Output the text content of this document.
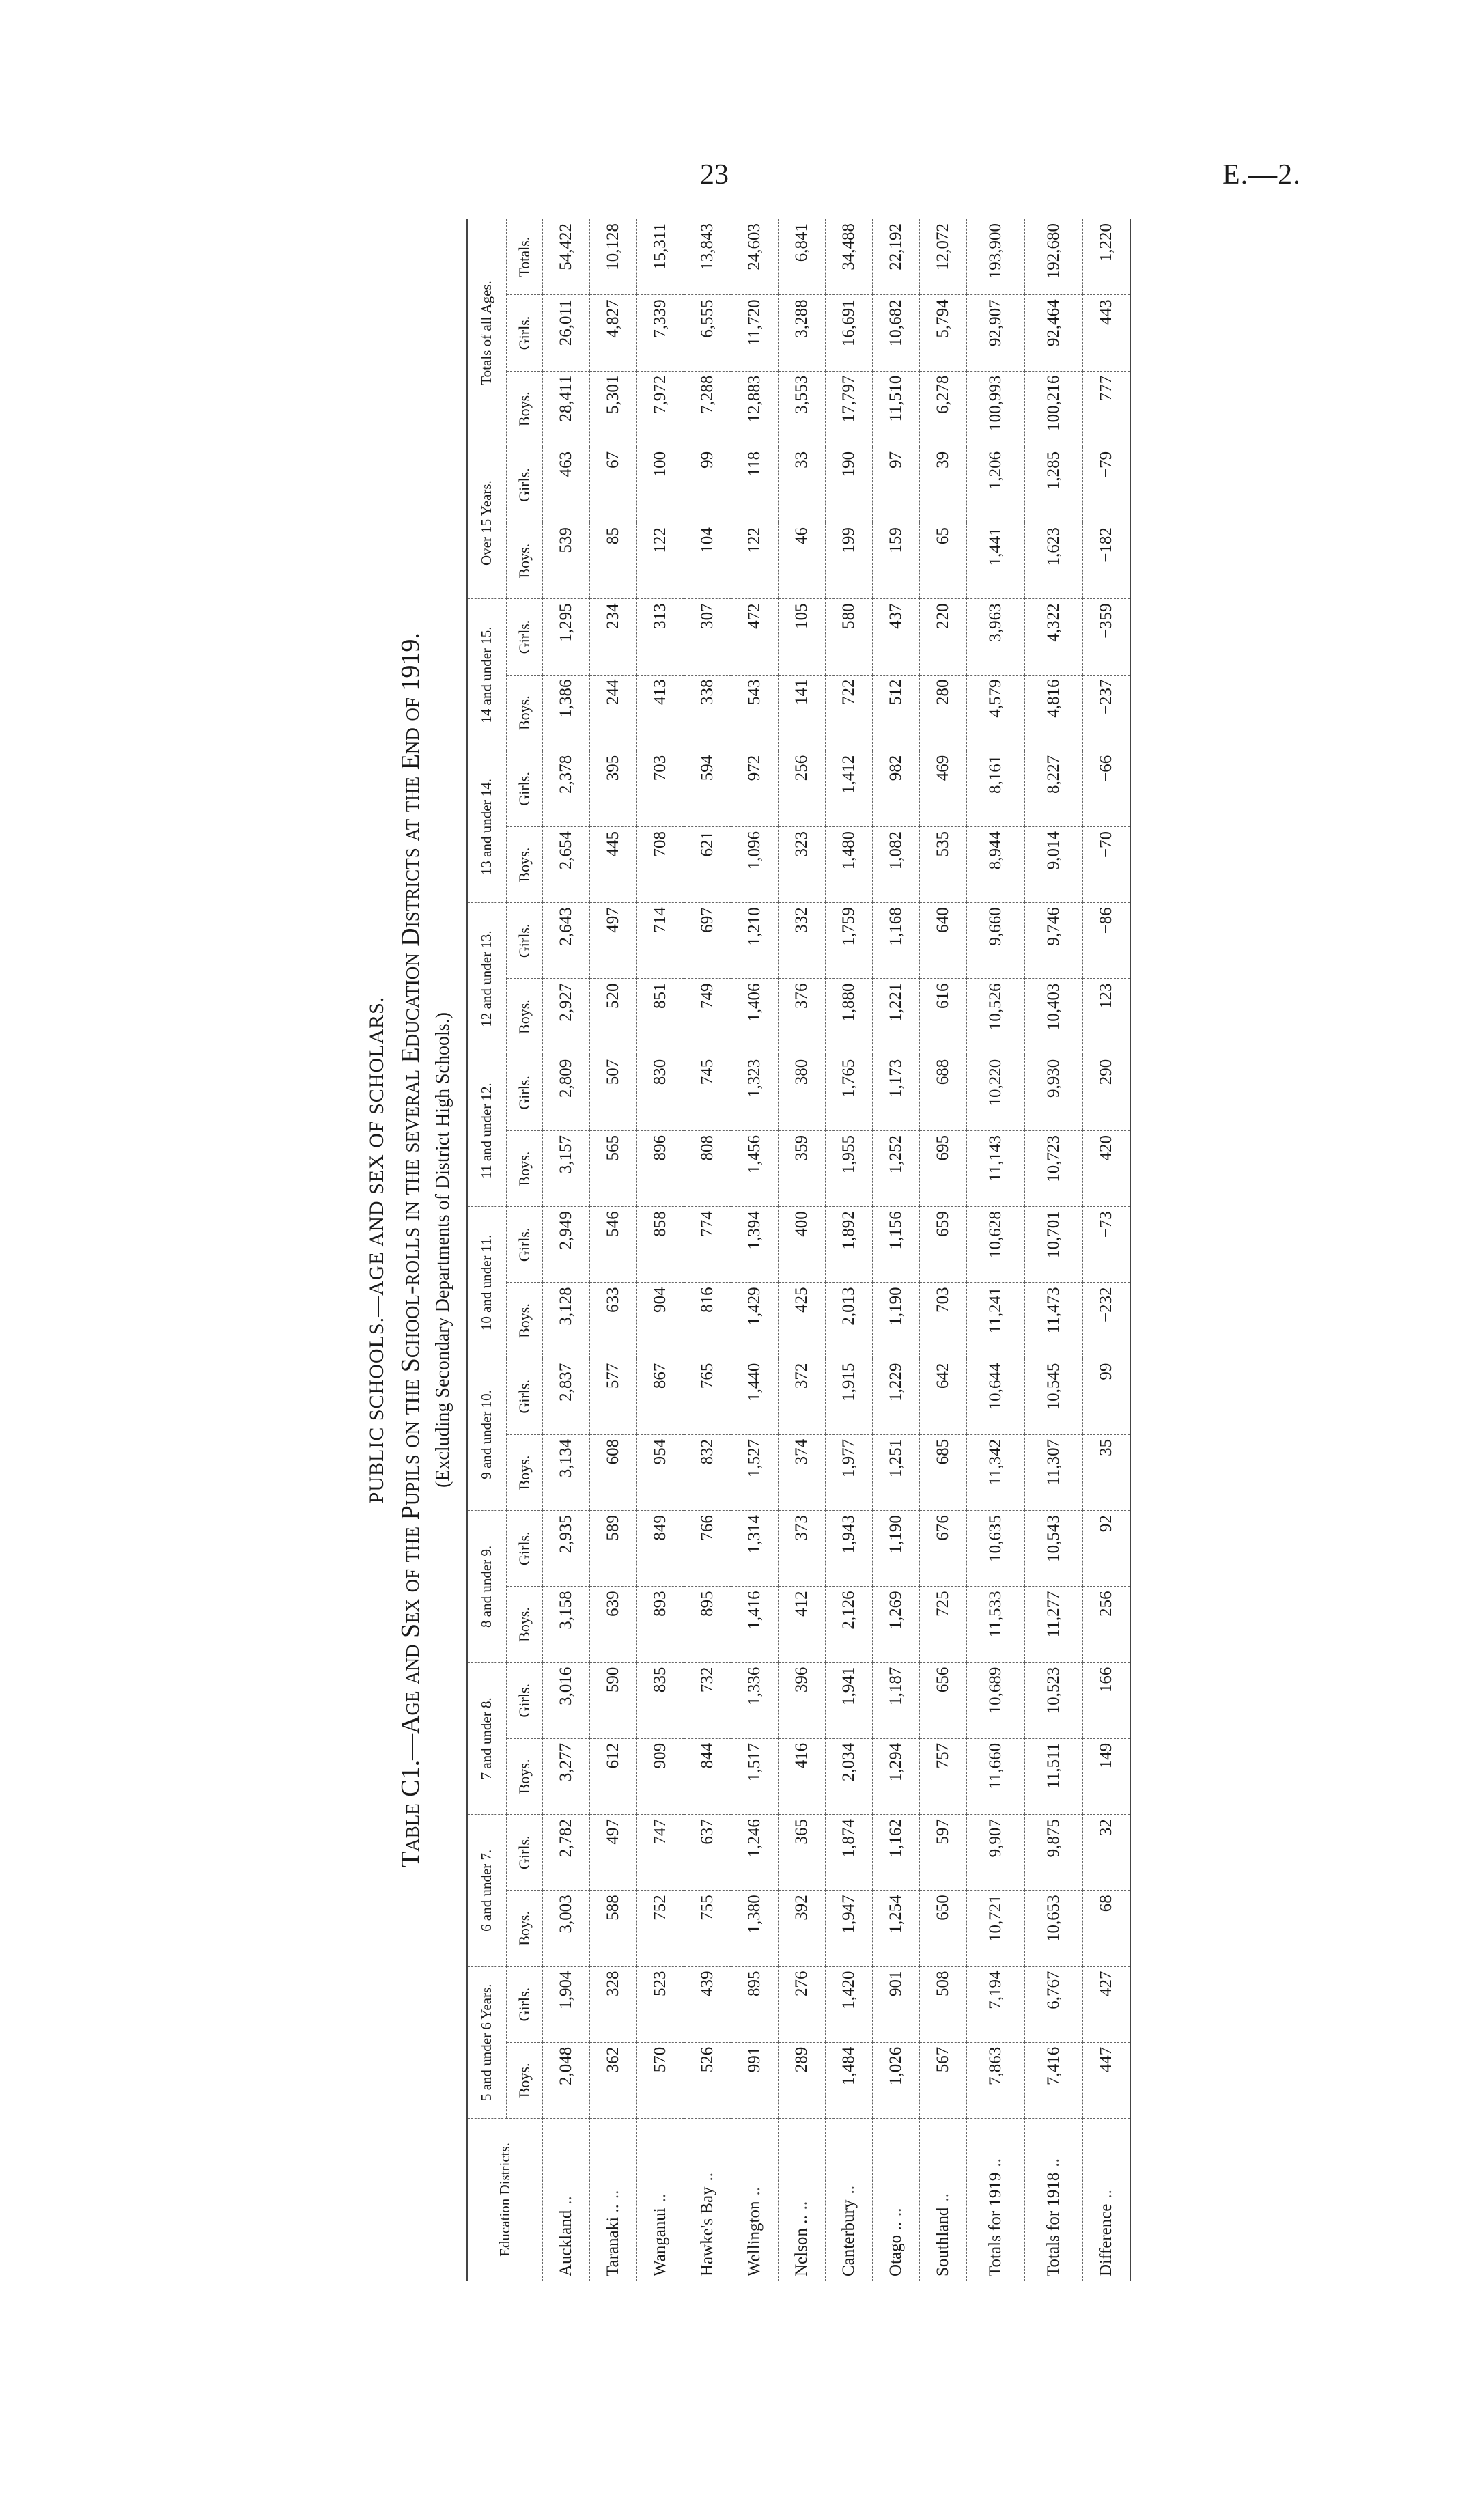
23	E.—2.
PUBLIC SCHOOLS.—AGE AND SEX OF SCHOLARS.
Table C1.—Age and Sex of the Pupils on the School-rolls in the several Education Districts at the End of 1919. (Excluding Secondary Departments of District High Schools.)
Education Districts.	5 and under 6 Years.		6 and under 7.		7 and under 8.		8 and under 9.		9 and under 10.		10 and under 11.		11 and under 12.		12 and under 13.		13 and under 14.		14 and under 15.		Over 15 Years.		Totals of all Ages.		
	Boys.	Girls.	Boys.	Girls.	Boys.	Girls.	Boys.	Girls.	Boys.	Girls.	Boys.	Girls.	Boys.	Girls.	Boys.	Girls.	Boys.	Girls.	Boys.	Girls.	Boys.	Girls.	Boys.	Girls.	Totals.
Auckland..	2,048	1,904	3,003	2,782	3,277	3,016	3,158	2,935	3,134	2,837	3,128	2,949	3,157	2,809	2,927	2,643	2,654	2,378	1,386	1,295	539	463	28,411	26,011	54,422
Taranaki ....	362	328	588	497	612	590	639	589	608	577	633	546	565	507	520	497	445	395	244	234	85	67	5,301	4,827	10,128
Wanganui..	570	523	752	747	909	835	893	849	954	867	904	858	896	830	851	714	708	703	413	313	122	100	7,972	7,339	15,311
Hawke's Bay..	526	439	755	637	844	732	895	766	832	765	816	774	808	745	749	697	621	594	338	307	104	99	7,288	6,555	13,843
Wellington..	991	895	1,380	1,246	1,517	1,336	1,416	1,314	1,527	1,440	1,429	1,394	1,456	1,323	1,406	1,210	1,096	972	543	472	122	118	12,883	11,720	24,603
Nelson ....	289	276	392	365	416	396	412	373	374	372	425	400	359	380	376	332	323	256	141	105	46	33	3,553	3,288	6,841
Canterbury..	1,484	1,420	1,947	1,874	2,034	1,941	2,126	1,943	1,977	1,915	2,013	1,892	1,955	1,765	1,880	1,759	1,480	1,412	722	580	199	190	17,797	16,691	34,488
Otago ....	1,026	901	1,254	1,162	1,294	1,187	1,269	1,190	1,251	1,229	1,190	1,156	1,252	1,173	1,221	1,168	1,082	982	512	437	159	97	11,510	10,682	22,192
Southland..	567	508	650	597	757	656	725	676	685	642	703	659	695	688	616	640	535	469	280	220	65	39	6,278	5,794	12,072
Totals for 1919..	7,863	7,194	10,721	9,907	11,660	10,689	11,533	10,635	11,342	10,644	11,241	10,628	11,143	10,220	10,526	9,660	8,944	8,161	4,579	3,963	1,441	1,206	100,993	92,907	193,900
Totals for 1918..	7,416	6,767	10,653	9,875	11,511	10,523	11,277	10,543	11,307	10,545	11,473	10,701	10,723	9,930	10,403	9,746	9,014	8,227	4,816	4,322	1,623	1,285	100,216	92,464	192,680
Difference..	447	427	68	32	149	166	256	92	35	99	−232	−73	420	290	123	−86	−70	−66	−237	−359	−182	−79	777	443	1,220
